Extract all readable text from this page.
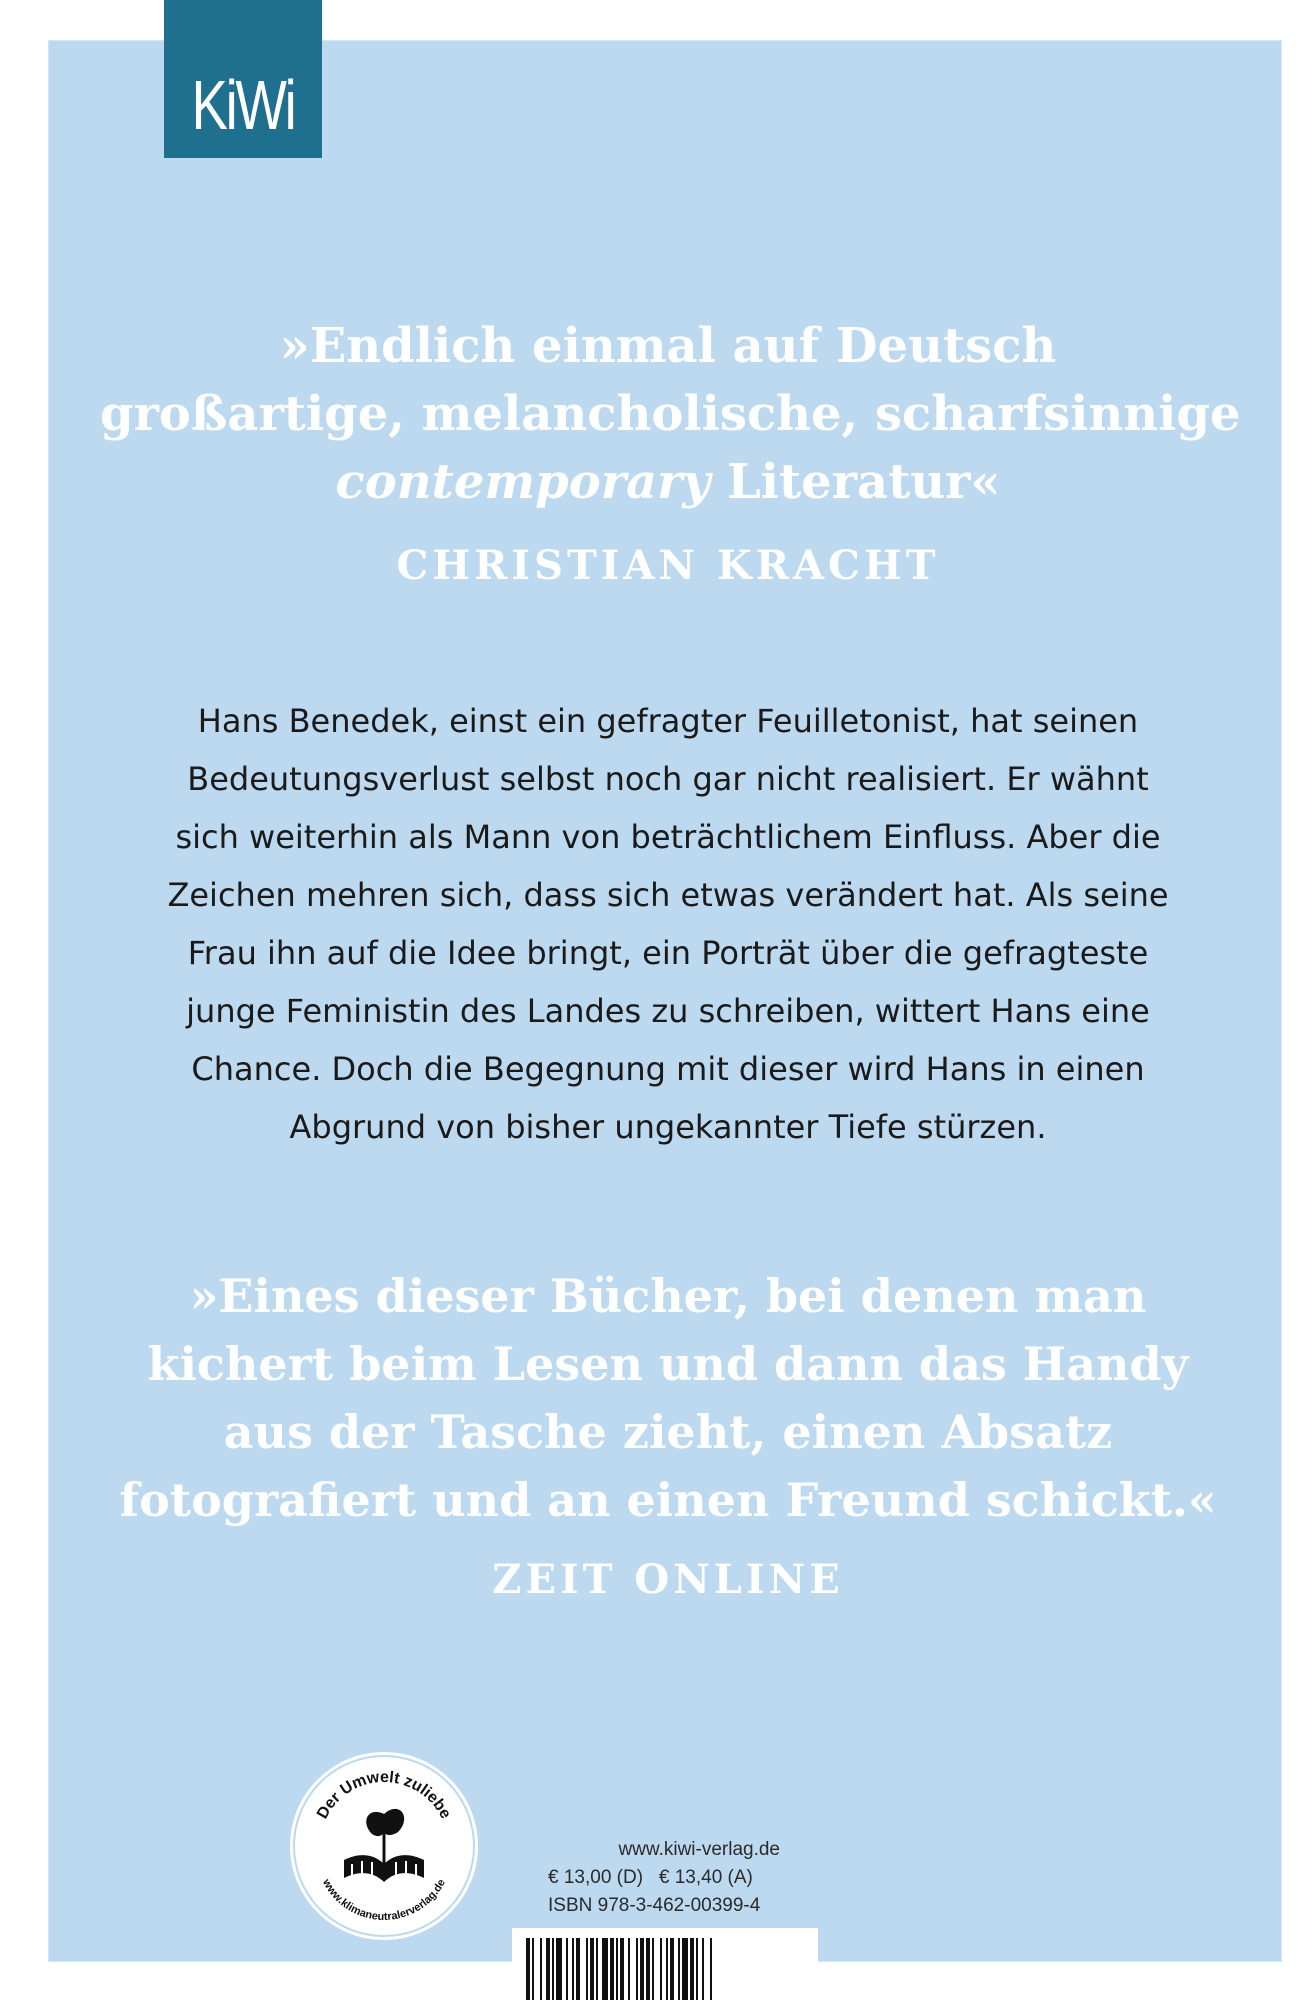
KiWi
»Endlich einmal auf Deutsch
großartige, melancholische, scharfsinnige
contemporary Literatur«
CHRISTIAN KRACHT
Hans Benedek, einst ein gefragter Feuilletonist, hat seinen
Bedeutungsverlust selbst noch gar nicht realisiert. Er wähnt
sich weiterhin als Mann von beträchtlichem Einfluss. Aber die
Zeichen mehren sich, dass sich etwas verändert hat. Als seine
Frau ihn auf die Idee bringt, ein Porträt über die gefragteste
junge Feministin des Landes zu schreiben, wittert Hans eine
Chance. Doch die Begegnung mit dieser wird Hans in einen
Abgrund von bisher ungekannter Tiefe stürzen.
»Eines dieser Bücher, bei denen man
kichert beim Lesen und dann das Handy
aus der Tasche zieht, einen Absatz
fotografiert und an einen Freund schickt.«
ZEIT ONLINE
Der Umwelt zuliebe
www.klimaneutralerverlag.de
www.kiwi-verlag.de
€ 13,00 (D) € 13,40 (A)
ISBN 978-3-462-00399-4
